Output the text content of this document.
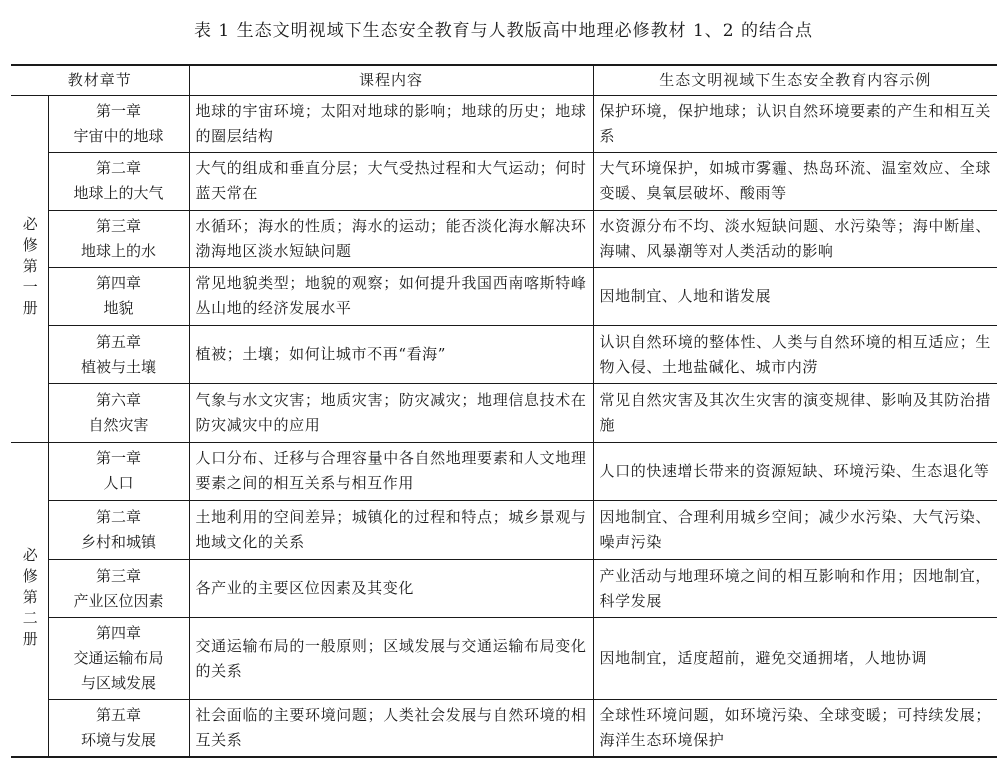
表 1 生态文明视域下生态安全教育与人教版高中地理必修教材 1、2 的结合点
教材章节		课程内容	生态文明视域下生态安全教育内容示例
必修第一册	第一章
宇宙中的地球	地球的宇宙环境；太阳对地球的影响；地球的历史；地球的圈层结构	保护环境，保护地球；认识自然环境要素的产生和相互关系

	第二章
地球上的大气	大气的组成和垂直分层；大气受热过程和大气运动；何时蓝天常在	大气环境保护，如城市雾霾、热岛环流、温室效应、全球变暖、臭氧层破坏、酸雨等

	第三章
地球上的水	水循环；海水的性质；海水的运动；能否淡化海水解决环渤海地区淡水短缺问题	水资源分布不均、淡水短缺问题、水污染等；海中断崖、海啸、风暴潮等对人类活动的影响

	第四章
地貌	常见地貌类型；地貌的观察；如何提升我国西南喀斯特峰丛山地的经济发展水平	因地制宜、人地和谐发展

	第五章
植被与土壤	植被；土壤；如何让城市不再“看海”	认识自然环境的整体性、人类与自然环境的相互适应；生物入侵、土地盐碱化、城市内涝

	第六章
自然灾害	气象与水文灾害；地质灾害；防灾减灾；地理信息技术在防灾减灾中的应用	常见自然灾害及其次生灾害的演变规律、影响及其防治措施
必修第二册	第一章
人口	人口分布、迁移与合理容量中各自然地理要素和人文地理要素之间的相互关系与相互作用	人口的快速增长带来的资源短缺、环境污染、生态退化等

	第二章
乡村和城镇	土地利用的空间差异；城镇化的过程和特点；城乡景观与地域文化的关系	因地制宜、合理利用城乡空间；减少水污染、大气污染、噪声污染

	第三章
产业区位因素	各产业的主要区位因素及其变化	产业活动与地理环境之间的相互影响和作用；因地制宜，科学发展

	第四章
交通运输布局
与区域发展	交通运输布局的一般原则；区域发展与交通运输布局变化的关系	因地制宜，适度超前，避免交通拥堵，人地协调

	第五章
环境与发展	社会面临的主要环境问题；人类社会发展与自然环境的相互关系	全球性环境问题，如环境污染、全球变暖；可持续发展；海洋生态环境保护
